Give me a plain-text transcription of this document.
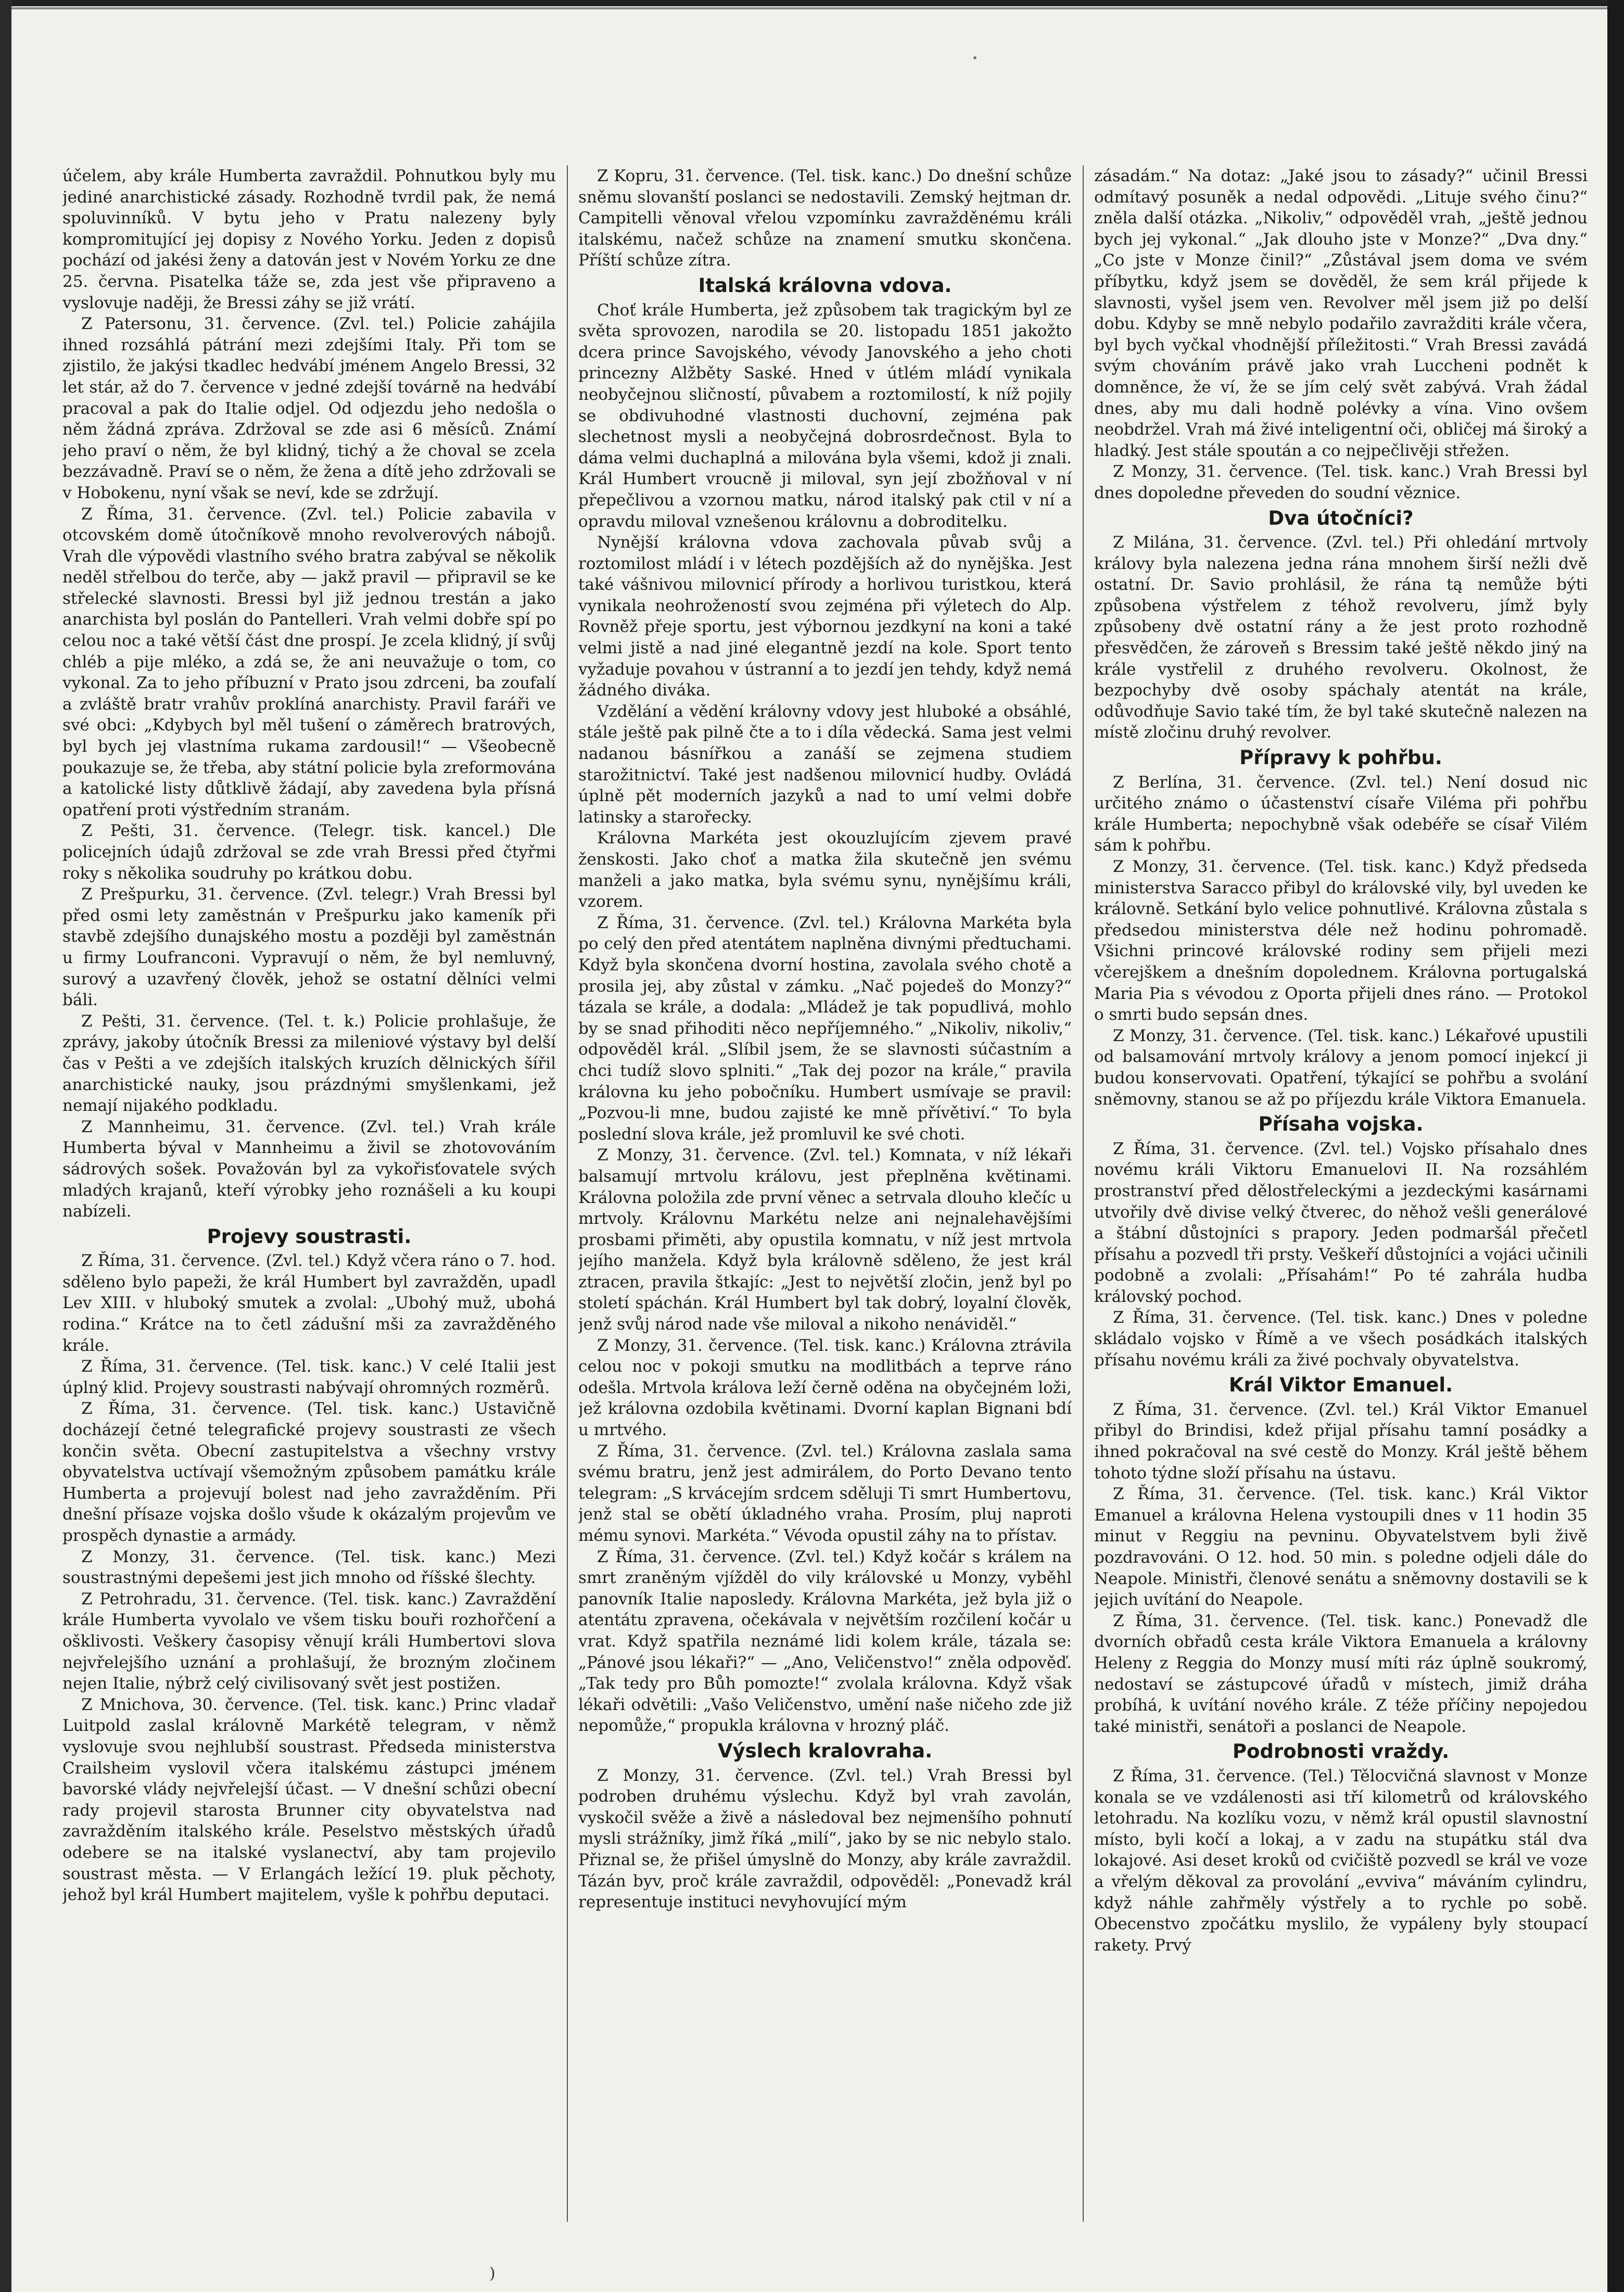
účelem, aby krále Humberta zavraždil. Pohnutkou byly mu jediné anarchistické zásady. Rozhodně tvrdil pak, že nemá spoluvinníků. V bytu jeho v Pratu nalezeny byly kompromitující jej dopisy z Nového Yorku. Jeden z dopisů pochází od jakési ženy a datován jest v Novém Yorku ze dne 25. června. Pisatelka táže se, zda jest vše připraveno a vyslovuje naději, že Bressi záhy se již vrátí.

Z Patersonu, 31. července. (Zvl. tel.) Policie zahájila ihned rozsáhlá pátrání mezi zdejšími Italy. Při tom se zjistilo, že jakýsi tkadlec hedvábí jménem Angelo Bressi, 32 let stár, až do 7. července v jedné zdejší továrně na hedvábí pracoval a pak do Italie odjel. Od odjezdu jeho nedošla o něm žádná zpráva. Zdržoval se zde asi 6 měsíců. Známí jeho praví o něm, že byl klidný, tichý a že choval se zcela bezzávadně. Praví se o něm, že žena a dítě jeho zdržovali se v Hobokenu, nyní však se neví, kde se zdržují.

Z Říma, 31. července. (Zvl. tel.) Policie zabavila v otcovském domě útočníkově mnoho revolverových nábojů. Vrah dle výpovědi vlastního svého bratra zabýval se několik neděl střelbou do terče, aby — jakž pravil — připravil se ke střelecké slavnosti. Bressi byl již jednou trestán a jako anarchista byl poslán do Pantelleri. Vrah velmi dobře spí po celou noc a také větší část dne prospí. Je zcela klidný, jí svůj chléb a pije mléko, a zdá se, že ani neuvažuje o tom, co vykonal. Za to jeho příbuzní v Prato jsou zdrceni, ba zoufalí a zvláště bratr vrahův proklíná anarchisty. Pravil faráři ve své obci: „Kdybych byl měl tušení o záměrech bratrových, byl bych jej vlastníma rukama zardousil!“ — Všeobecně poukazuje se, že třeba, aby státní policie byla zreformována a katolické listy důtklivě žádají, aby zavedena byla přísná opatření proti výstředním stranám.

Z Pešti, 31. července. (Telegr. tisk. kancel.) Dle policejních údajů zdržoval se zde vrah Bressi před čtyřmi roky s několika soudruhy po krátkou dobu.

Z Prešpurku, 31. července. (Zvl. telegr.) Vrah Bressi byl před osmi lety zaměstnán v Prešpurku jako kameník při stavbě zdejšího dunajského mostu a později byl zaměstnán u firmy Loufranconi. Vypravují o něm, že byl nemluvný, surový a uzavřený člověk, jehož se ostatní dělníci velmi báli.

Z Pešti, 31. července. (Tel. t. k.) Policie prohlašuje, že zprávy, jakoby útočník Bressi za mileniové výstavy byl delší čas v Pešti a ve zdejších italských kruzích dělnických šířil anarchistické nauky, jsou prázdnými smyšlenkami, jež nemají nijakého podkladu.

Z Mannheimu, 31. července. (Zvl. tel.) Vrah krále Humberta býval v Mannheimu a živil se zhotovováním sádrových sošek. Považován byl za vykořisťovatele svých mladých krajanů, kteří výrobky jeho roznášeli a ku koupi nabízeli.

Projevy soustrasti.

Z Říma, 31. července. (Zvl. tel.) Když včera ráno o 7. hod. sděleno bylo papeži, že král Humbert byl zavražděn, upadl Lev XIII. v hluboký smutek a zvolal: „Ubohý muž, ubohá rodina.“ Krátce na to četl zádušní mši za zavražděného krále.

Z Říma, 31. července. (Tel. tisk. kanc.) V celé Italii jest úplný klid. Projevy soustrasti nabývají ohromných rozměrů.

Z Říma, 31. července. (Tel. tisk. kanc.) Ustavičně docházejí četné telegrafické projevy soustrasti ze všech končin světa. Obecní zastupitelstva a všechny vrstvy obyvatelstva uctívají všemožným způsobem památku krále Humberta a projevují bolest nad jeho zavražděním. Při dnešní přísaze vojska došlo všude k okázalým projevům ve prospěch dynastie a armády.

Z Monzy, 31. července. (Tel. tisk. kanc.) Mezi soustrastnými depešemi jest jich mnoho od říšské šlechty.

Z Petrohradu, 31. července. (Tel. tisk. kanc.) Zavraždění krále Humberta vyvolalo ve všem tisku bouři rozhořčení a ošklivosti. Veškery časopisy věnují králi Humbertovi slova nejvřelejšího uznání a prohlašují, že brozným zločinem nejen Italie, nýbrž celý civilisovaný svět jest postižen.

Z Mnichova, 30. července. (Tel. tisk. kanc.) Princ vladař Luitpold zaslal královně Markétě telegram, v němž vyslovuje svou nejhlubší soustrast. Předseda ministerstva Crailsheim vyslovil včera italskému zástupci jménem bavorské vlády nejvřelejší účast. — V dnešní schůzi obecní rady projevil starosta Brunner city obyvatelstva nad zavražděním italského krále. Peselstvo městských úřadů odebere se na italské vyslanectví, aby tam projevilo soustrast města. — V Erlangách ležící 19. pluk pěchoty, jehož byl král Humbert majitelem, vyšle k pohřbu deputaci.

Z Kopru, 31. července. (Tel. tisk. kanc.) Do dnešní schůze sněmu slovanští poslanci se nedostavili. Zemský hejtman dr. Campitelli věnoval vřelou vzpomínku zavražděnému králi italskému, načež schůze na znamení smutku skončena. Příští schůze zítra.

Italská královna vdova.

Choť krále Humberta, jež způsobem tak tragickým byl ze světa sprovozen, narodila se 20. listopadu 1851 jakožto dcera prince Savojského, vévody Janovského a jeho choti princezny Alžběty Saské. Hned v útlém mládí vynikala neobyčejnou sličností, půvabem a roztomilostí, k níž pojily se obdivuhodné vlastnosti duchovní, zejména pak slechetnost mysli a neobyčejná dobrosrdečnost. Byla to dáma velmi duchaplná a milována byla všemi, kdož ji znali. Král Humbert vroucně ji miloval, syn její zbožňoval v ní přepečlivou a vzornou matku, národ italský pak ctil v ní a opravdu miloval vznešenou královnu a dobroditelku.

Nynější královna vdova zachovala půvab svůj a roztomilost mládí i v létech pozdějších až do nynějška. Jest také vášnivou milovnicí přírody a horlivou turistkou, která vynikala neohrožeností svou zejména při výletech do Alp. Rovněž přeje sportu, jest výbornou jezdkyní na koni a také velmi jistě a nad jiné elegantně jezdí na kole. Sport tento vyžaduje povahou v ústranní a to jezdí jen tehdy, když nemá žádného diváka.

Vzdělání a vědění královny vdovy jest hluboké a obsáhlé, stále ještě pak pilně čte a to i díla vědecká. Sama jest velmi nadanou básnířkou a zanáší se zejmena studiem starožitnictví. Také jest nadšenou milovnicí hudby. Ovládá úplně pět moderních jazyků a nad to umí velmi dobře latinsky a starořecky.

Královna Markéta jest okouzlujícím zjevem pravé ženskosti. Jako choť a matka žila skutečně jen svému manželi a jako matka, byla svému synu, nynějšímu králi, vzorem.

Z Říma, 31. července. (Zvl. tel.) Královna Markéta byla po celý den před atentátem naplněna divnými předtuchami. Když byla skončena dvorní hostina, zavolala svého chotě a prosila jej, aby zůstal v zámku. „Nač pojedeš do Monzy?“ tázala se krále, a dodala: „Mládež je tak popudlivá, mohlo by se snad přihoditi něco nepříjemného.“ „Nikoliv, nikoliv,“ odpověděl král. „Slíbil jsem, že se slavnosti súčastním a chci tudíž slovo splniti.“ „Tak dej pozor na krále,“ pravila královna ku jeho pobočníku. Humbert usmívaje se pravil: „Pozvou-li mne, budou zajisté ke mně přívětiví.“ To byla poslední slova krále, jež promluvil ke své choti.

Z Monzy, 31. července. (Zvl. tel.) Komnata, v níž lékaři balsamují mrtvolu královu, jest přeplněna květinami. Královna položila zde první věnec a setrvala dlouho klečíc u mrtvoly. Královnu Markétu nelze ani nejnalehavějšími prosbami přiměti, aby opustila komnatu, v níž jest mrtvola jejího manžela. Když byla královně sděleno, že jest král ztracen, pravila štkajíc: „Jest to největší zločin, jenž byl po století spáchán. Král Humbert byl tak dobrý, loyalní člověk, jenž svůj národ nade vše miloval a nikoho nenáviděl.“

Z Monzy, 31. července. (Tel. tisk. kanc.) Královna ztrávila celou noc v pokoji smutku na modlitbách a teprve ráno odešla. Mrtvola králova leží černě oděna na obyčejném loži, jež královna ozdobila květinami. Dvorní kaplan Bignani bdí u mrtvého.

Z Říma, 31. července. (Zvl. tel.) Královna zaslala sama svému bratru, jenž jest admirálem, do Porto Devano tento telegram: „S krvácejím srdcem sděluji Ti smrt Humbertovu, jenž stal se obětí úkladného vraha. Prosím, pluj naproti mému synovi. Markéta.“ Vévoda opustil záhy na to přístav.

Z Říma, 31. července. (Zvl. tel.) Když kočár s králem na smrt zraněným vjížděl do vily královské u Monzy, vyběhl panovník Italie naposledy. Královna Markéta, jež byla již o atentátu zpravena, očekávala v největším rozčilení kočár u vrat. Když spatřila neznámé lidi kolem krále, tázala se: „Pánové jsou lékaři?“ — „Ano, Veličenstvo!“ zněla odpověď. „Tak tedy pro Bůh pomozte!“ zvolala královna. Když však lékaři odvětili: „Vašo Veličenstvo, umění naše ničeho zde již nepomůže,“ propukla královna v hrozný pláč.

Výslech kralovraha.

Z Monzy, 31. července. (Zvl. tel.) Vrah Bressi byl podroben druhému výslechu. Když byl vrah zavolán, vyskočil svěže a živě a následoval bez nejmenšího pohnutí mysli strážníky, jimž říká „milí“, jako by se nic nebylo stalo. Přiznal se, že přišel úmyslně do Monzy, aby krále zavraždil. Tázán byv, proč krále zavraždil, odpověděl: „Ponevadž král representuje instituci nevyhovující mým

zásadám.“ Na dotaz: „Jaké jsou to zásady?“ učinil Bressi odmítavý posuněk a nedal odpovědi. „Lituje svého činu?“ zněla další otázka. „Nikoliv,“ odpověděl vrah, „ještě jednou bych jej vykonal.“ „Jak dlouho jste v Monze?“ „Dva dny.“ „Co jste v Monze činil?“ „Zůstával jsem doma ve svém příbytku, když jsem se dověděl, že sem král přijede k slavnosti, vyšel jsem ven. Revolver měl jsem již po delší dobu. Kdyby se mně nebylo podařilo zavražditi krále včera, byl bych vyčkal vhodnější příležitosti.“ Vrah Bressi zavádá svým chováním právě jako vrah Luccheni podnět k domněnce, že ví, že se jím celý svět zabývá. Vrah žádal dnes, aby mu dali hodně polévky a vína. Vino ovšem neobdržel. Vrah má živé inteligentní oči, obličej má široký a hladký. Jest stále spoután a co nejpečlivěji střežen.

Z Monzy, 31. července. (Tel. tisk. kanc.) Vrah Bressi byl dnes dopoledne převeden do soudní věznice.

Dva útočníci?

Z Milána, 31. července. (Zvl. tel.) Při ohledání mrtvoly královy byla nalezena jedna rána mnohem širší nežli dvě ostatní. Dr. Savio prohlásil, že rána tą nemůže býti způsobena výstřelem z téhož revolveru, jímž byly způsobeny dvě ostatní rány a že jest proto rozhodně přesvědčen, že zároveň s Bressim také ještě někdo jiný na krále vystřelil z druhého revolveru. Okolnost, že bezpochyby dvě osoby spáchaly atentát na krále, odůvodňuje Savio také tím, že byl také skutečně nalezen na místě zločinu druhý revolver.

Přípravy k pohřbu.

Z Berlína, 31. července. (Zvl. tel.) Není dosud nic určitého známo o účastenství císaře Viléma při pohřbu krále Humberta; nepochybně však odebéře se císař Vilém sám k pohřbu.

Z Monzy, 31. července. (Tel. tisk. kanc.) Když předseda ministerstva Saracco přibyl do královské vily, byl uveden ke královně. Setkání bylo velice pohnutlivé. Královna zůstala s předsedou ministerstva déle než hodinu pohromadě. Všichni princové královské rodiny sem přijeli mezi včerejškem a dnešním dopolednem. Královna portugalská Maria Pia s vévodou z Oporta přijeli dnes ráno. — Protokol o smrti budo sepsán dnes.

Z Monzy, 31. července. (Tel. tisk. kanc.) Lékařové upustili od balsamování mrtvoly královy a jenom pomocí injekcí ji budou konservovati. Opatření, týkající se pohřbu a svolání sněmovny, stanou se až po příjezdu krále Viktora Emanuela.

Přísaha vojska.

Z Říma, 31. července. (Zvl. tel.) Vojsko přísahalo dnes novému králi Viktoru Emanuelovi II. Na rozsáhlém prostranství před dělostřeleckými a jezdeckými kasárnami utvořily dvě divise velký čtverec, do něhož vešli generálové a štábní důstojníci s prapory. Jeden podmaršál přečetl přísahu a pozvedl tři prsty. Veškeří důstojníci a vojáci učinili podobně a zvolali: „Přísahám!“ Po té zahrála hudba královský pochod.

Z Říma, 31. července. (Tel. tisk. kanc.) Dnes v poledne skládalo vojsko v Římě a ve všech posádkách italských přísahu novému králi za živé pochvaly obyvatelstva.

Král Viktor Emanuel.

Z Říma, 31. července. (Zvl. tel.) Král Viktor Emanuel přibyl do Brindisi, kdež přijal přísahu tamní posádky a ihned pokračoval na své cestě do Monzy. Král ještě během tohoto týdne složí přísahu na ústavu.

Z Říma, 31. července. (Tel. tisk. kanc.) Král Viktor Emanuel a královna Helena vystoupili dnes v 11 hodin 35 minut v Reggiu na pevninu. Obyvatelstvem byli živě pozdravováni. O 12. hod. 50 min. s poledne odjeli dále do Neapole. Ministři, členové senátu a sněmovny dostavili se k jejich uvítání do Neapole.

Z Říma, 31. července. (Tel. tisk. kanc.) Ponevadž dle dvorních obřadů cesta krále Viktora Emanuela a královny Heleny z Reggia do Monzy musí míti ráz úplně soukromý, nedostaví se zástupcové úřadů v místech, jimiž dráha probíhá, k uvítání nového krále. Z téže příčiny nepojedou také ministři, senátoři a poslanci de Neapole.

Podrobnosti vraždy.

Z Říma, 31. července. (Tel.) Tělocvičná slavnost v Monze konala se ve vzdálenosti asi tří kilometrů od královského letohradu. Na kozlíku vozu, v němž král opustil slavnostní místo, byli kočí a lokaj, a v zadu na stupátku stál dva lokajové. Asi deset kroků od cvičiště pozvedl se král ve voze a vřelým děkoval za provolání „evviva“ máváním cylindru, když náhle zahřměly výstřely a to rychle po sobě. Obecenstvo zpočátku myslilo, že vypáleny byly stoupací rakety. Prvý

)
